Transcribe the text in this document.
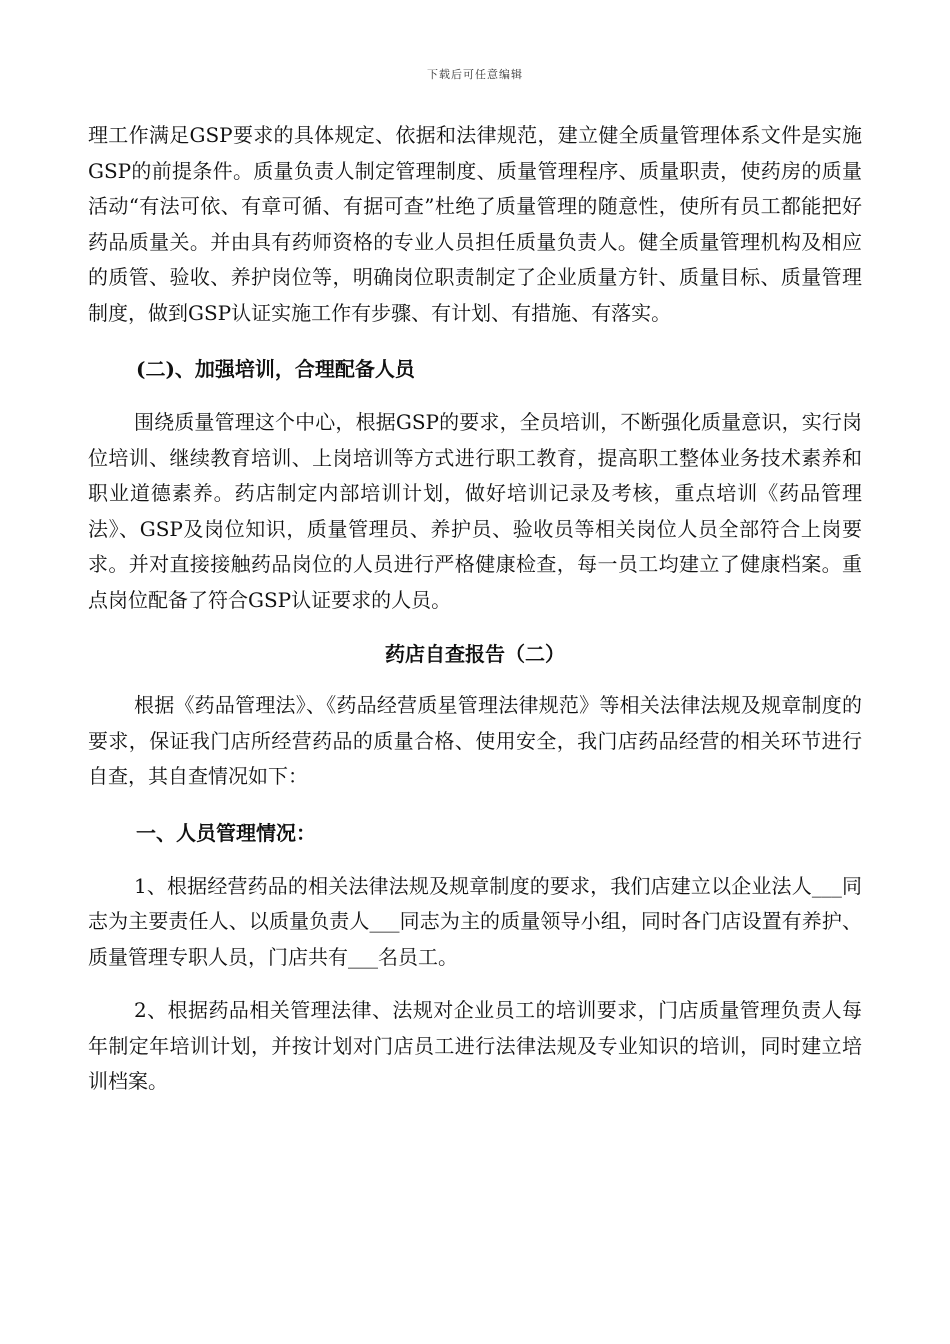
下载后可任意编辑

理工作满足GSP要求的具体规定、依据和法律规范，建立健全质量管理体系文件是实施GSP的前提条件。质量负责人制定管理制度、质量管理程序、质量职责，使药房的质量活动“有法可依、有章可循、有据可查”杜绝了质量管理的随意性，使所有员工都能把好药品质量关。并由具有药师资格的专业人员担任质量负责人。健全质量管理机构及相应的质管、验收、养护岗位等，明确岗位职责制定了企业质量方针、质量目标、质量管理制度，做到GSP认证实施工作有步骤、有计划、有措施、有落实。

(二)、加强培训，合理配备人员

围绕质量管理这个中心，根据GSP的要求，全员培训，不断强化质量意识，实行岗位培训、继续教育培训、上岗培训等方式进行职工教育，提高职工整体业务技术素养和职业道德素养。药店制定内部培训计划，做好培训记录及考核，重点培训《药品管理法》、GSP及岗位知识，质量管理员、养护员、验收员等相关岗位人员全部符合上岗要求。并对直接接触药品岗位的人员进行严格健康检查，每一员工均建立了健康档案。重点岗位配备了符合GSP认证要求的人员。

药店自查报告（二）

根据《药品管理法》、《药品经营质星管理法律规范》等相关法律法规及规章制度的要求，保证我门店所经营药品的质量合格、使用安全，我门店药品经营的相关环节进行自查，其自查情况如下：

一、人员管理情况：

1、根据经营药品的相关法律法规及规章制度的要求，我们店建立以企业法人___同志为主要责任人、以质量负责人___同志为主的质量领导小组，同时各门店设置有养护、质量管理专职人员，门店共有___名员工。

2、根据药品相关管理法律、法规对企业员工的培训要求，门店质量管理负责人每年制定年培训计划，并按计划对门店员工进行法律法规及专业知识的培训，同时建立培训档案。
